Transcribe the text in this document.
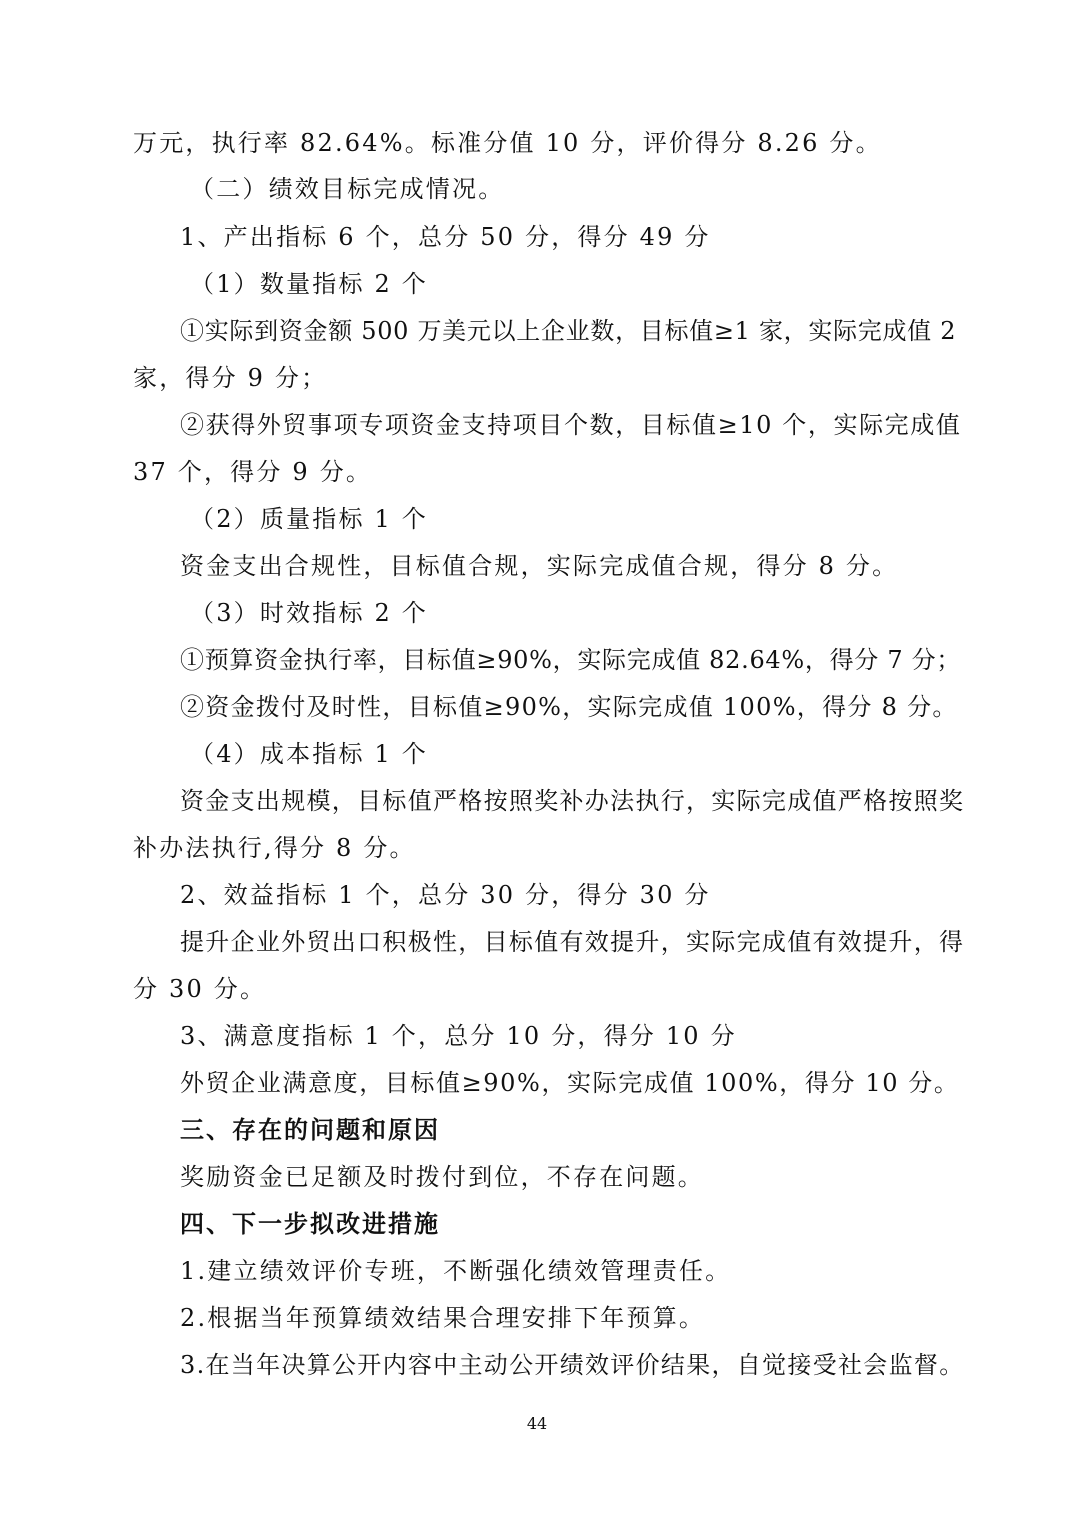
万元，执行率 82.64%。标准分值 10 分，评价得分 8.26 分。
（二）绩效目标完成情况。
1、产出指标 6 个，总分 50 分，得分 49 分
（1）数量指标 2 个
①实际到资金额 500 万美元以上企业数，目标值≥1 家，实际完成值 2
家，得分 9 分；
②获得外贸事项专项资金支持项目个数，目标值≥10 个，实际完成值
37 个，得分 9 分。
（2）质量指标 1 个
资金支出合规性，目标值合规，实际完成值合规，得分 8 分。
（3）时效指标 2 个
①预算资金执行率，目标值≥90%，实际完成值 82.64%，得分 7 分；
②资金拨付及时性，目标值≥90%，实际完成值 100%，得分 8 分。
（4）成本指标 1 个
资金支出规模，目标值严格按照奖补办法执行，实际完成值严格按照奖
补办法执行,得分 8 分。
2、效益指标 1 个，总分 30 分，得分 30 分
提升企业外贸出口积极性，目标值有效提升，实际完成值有效提升，得
分 30 分。
3、满意度指标 1 个，总分 10 分，得分 10 分
外贸企业满意度，目标值≥90%，实际完成值 100%，得分 10 分。
三、存在的问题和原因
奖励资金已足额及时拨付到位，不存在问题。
四、下一步拟改进措施
1.建立绩效评价专班，不断强化绩效管理责任。
2.根据当年预算绩效结果合理安排下年预算。
3.在当年决算公开内容中主动公开绩效评价结果，自觉接受社会监督。
44
